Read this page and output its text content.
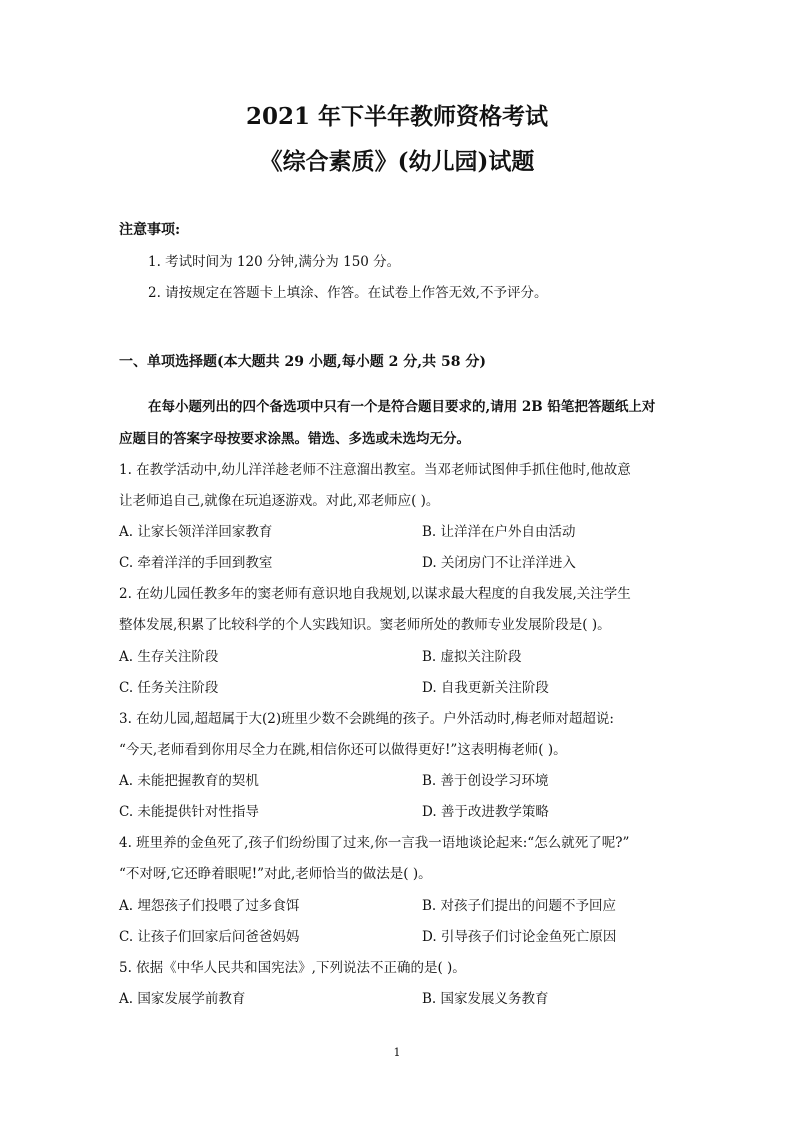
2021 年下半年教师资格考试
《综合素质》(幼儿园)试题
注意事项:
1. 考试时间为 120 分钟,满分为 150 分。
2. 请按规定在答题卡上填涂、作答。在试卷上作答无效,不予评分。
一、单项选择题(本大题共 29 小题,每小题 2 分,共 58 分)
在每小题列出的四个备选项中只有一个是符合题目要求的,请用 2B 铅笔把答题纸上对
应题目的答案字母按要求涂黑。错选、多选或未选均无分。
1. 在教学活动中,幼儿洋洋趁老师不注意溜出教室。当邓老师试图伸手抓住他时,他故意
让老师追自己,就像在玩追逐游戏。对此,邓老师应( )。
A. 让家长领洋洋回家教育	B. 让洋洋在户外自由活动
C. 牵着洋洋的手回到教室	D. 关闭房门不让洋洋进入
2. 在幼儿园任教多年的窦老师有意识地自我规划,以谋求最大程度的自我发展,关注学生
整体发展,积累了比较科学的个人实践知识。窦老师所处的教师专业发展阶段是( )。
A. 生存关注阶段	B. 虚拟关注阶段
C. 任务关注阶段	D. 自我更新关注阶段
3. 在幼儿园,超超属于大(2)班里少数不会跳绳的孩子。户外活动时,梅老师对超超说:
“今天,老师看到你用尽全力在跳,相信你还可以做得更好!”这表明梅老师( )。
A. 未能把握教育的契机	B. 善于创设学习环境
C. 未能提供针对性指导	D. 善于改进教学策略
4. 班里养的金鱼死了,孩子们纷纷围了过来,你一言我一语地谈论起来:“怎么就死了呢?”
“不对呀,它还睁着眼呢!”对此,老师恰当的做法是( )。
A. 埋怨孩子们投喂了过多食饵	B. 对孩子们提出的问题不予回应
C. 让孩子们回家后问爸爸妈妈	D. 引导孩子们讨论金鱼死亡原因
5. 依据《中华人民共和国宪法》,下列说法不正确的是( )。
A. 国家发展学前教育	B. 国家发展义务教育
1
